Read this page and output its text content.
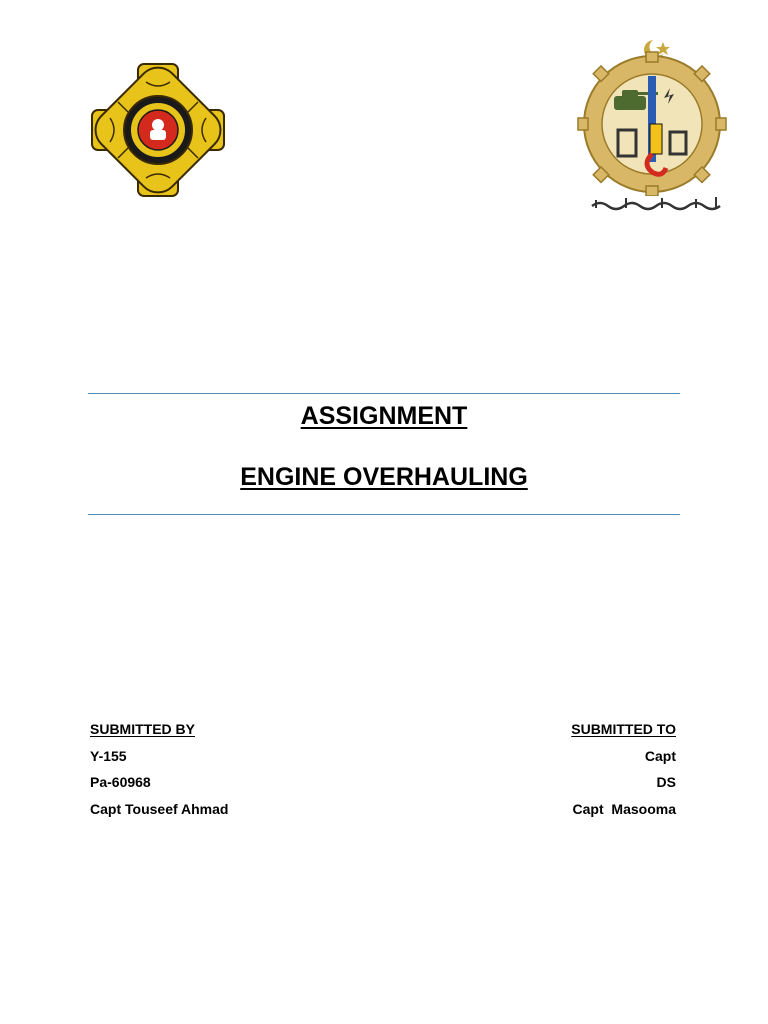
ASSIGNMENT
ENGINE OVERHAULING
SUBMITTED BY
Y-155
Pa-60968
Capt Touseef Ahmad
SUBMITTED TO
Capt
DS
Capt  Masooma
